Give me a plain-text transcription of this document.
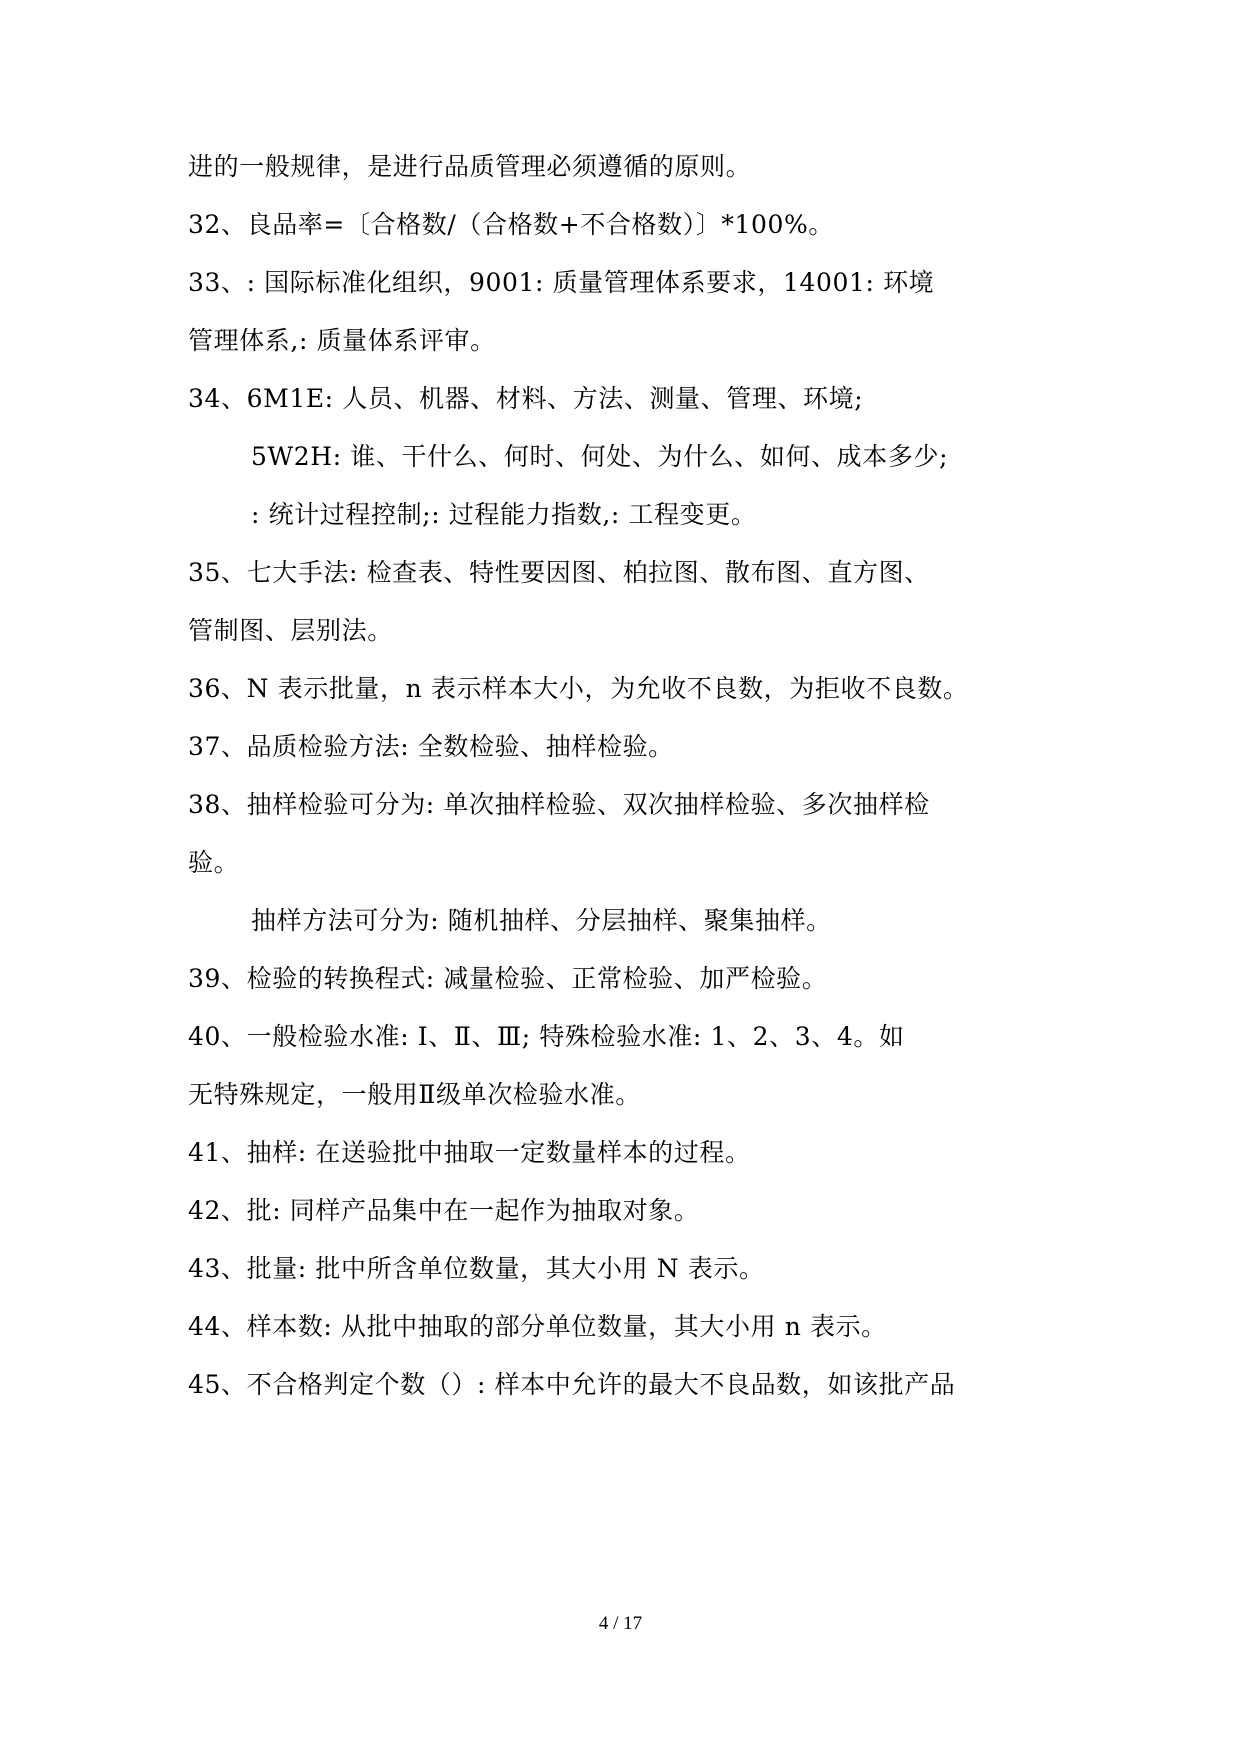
进的一般规律，是进行品质管理必须遵循的原则。
32、良品率=〔合格数/（合格数+不合格数）〕*100%。
33、: 国际标准化组织，9001: 质量管理体系要求，14001: 环境
管理体系,: 质量体系评审。
34、6M1E: 人员、机器、材料、方法、测量、管理、环境;
5W2H: 谁、干什么、何时、何处、为什么、如何、成本多少;
: 统计过程控制;: 过程能力指数,: 工程变更。
35、七大手法: 检查表、特性要因图、柏拉图、散布图、直方图、
管制图、层别法。
36、N 表示批量，n 表示样本大小，为允收不良数，为拒收不良数。
37、品质检验方法: 全数检验、抽样检验。
38、抽样检验可分为: 单次抽样检验、双次抽样检验、多次抽样检
验。
抽样方法可分为: 随机抽样、分层抽样、聚集抽样。
39、检验的转换程式: 减量检验、正常检验、加严检验。
40、一般检验水准: Ⅰ、Ⅱ、Ⅲ; 特殊检验水准: 1、2、3、4。如
无特殊规定，一般用Ⅱ级单次检验水准。
41、抽样: 在送验批中抽取一定数量样本的过程。
42、批: 同样产品集中在一起作为抽取对象。
43、批量: 批中所含单位数量，其大小用 N 表示。
44、样本数: 从批中抽取的部分单位数量，其大小用 n 表示。
45、不合格判定个数（）: 样本中允许的最大不良品数，如该批产品
4 / 17
